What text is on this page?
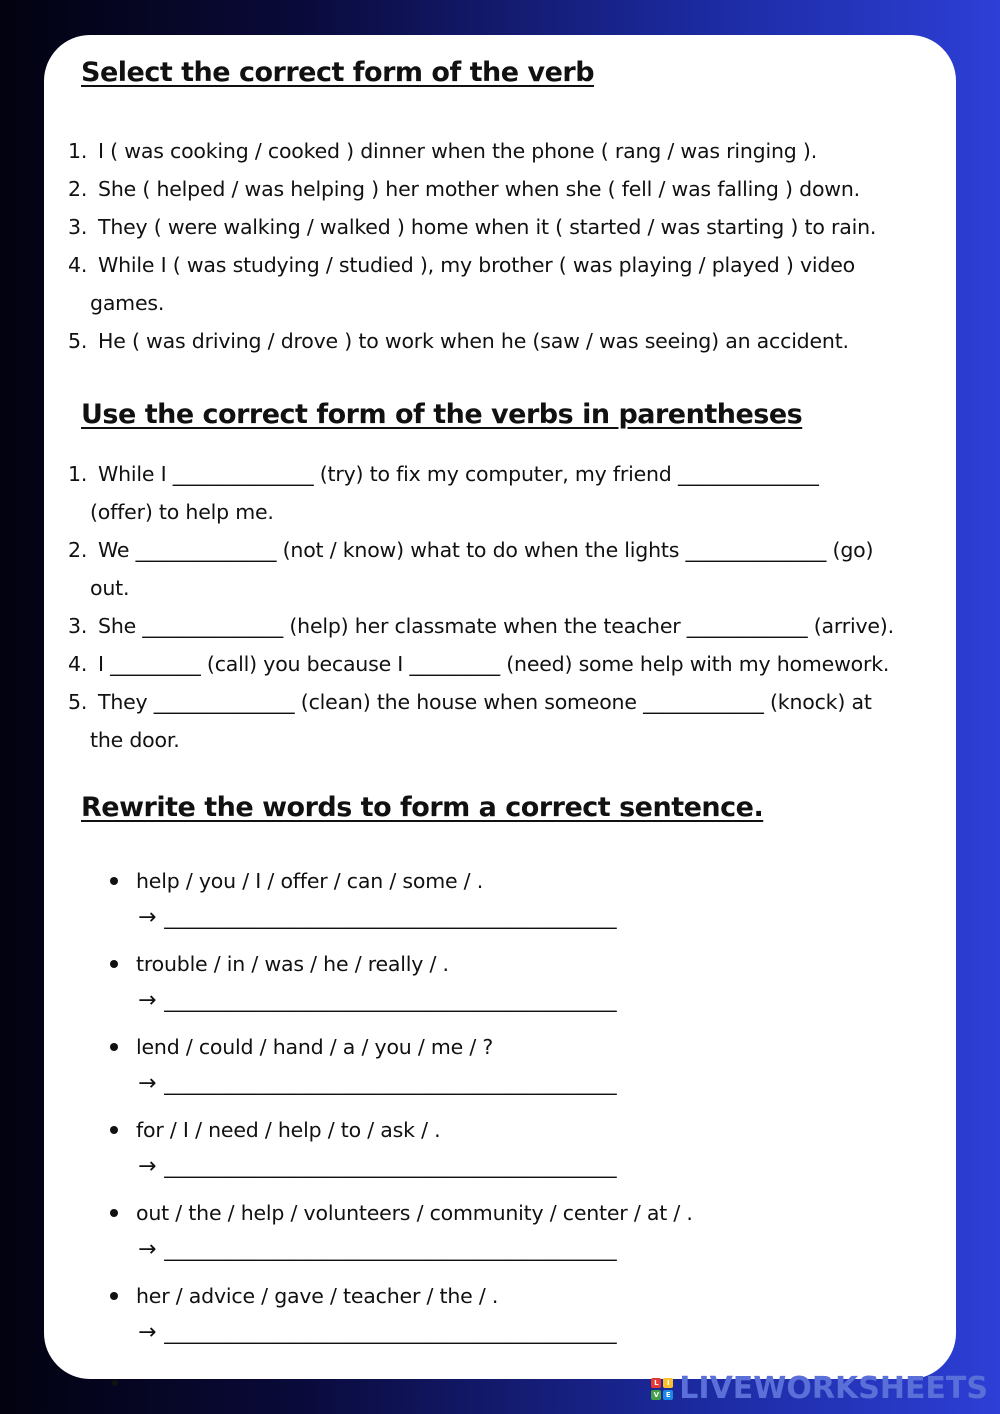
Select the correct form of the verb
1. I ( was cooking / cooked ) dinner when the phone ( rang / was ringing ).
2. She ( helped / was helping ) her mother when she ( fell / was falling ) down.
3. They ( were walking / walked ) home when it ( started / was starting ) to rain.
4. While I ( was studying / studied ), my brother ( was playing / played ) video
games.
5. He ( was driving / drove ) to work when he (saw / was seeing) an accident.
Use the correct form of the verbs in parentheses
1. While I ______________ (try) to fix my computer, my friend ______________
(offer) to help me.
2. We ______________ (not / know) what to do when the lights ______________ (go)
out.
3. She ______________ (help) her classmate when the teacher ____________ (arrive).
4. I _________ (call) you because I _________ (need) some help with my homework.
5. They ______________ (clean) the house when someone ____________ (knock) at
the door.
Rewrite the words to form a correct sentence.
help / you / I / offer / can / some / .
→ _____________________________________________
trouble / in / was / he / really / .
→ _____________________________________________
lend / could / hand / a / you / me / ?
→ _____________________________________________
for / I / need / help / to / ask / .
→ _____________________________________________
out / the / help / volunteers / community / center / at / .
→ _____________________________________________
her / advice / gave / teacher / the / .
→ _____________________________________________
L	I
V E LIVEWORKSHEETS
